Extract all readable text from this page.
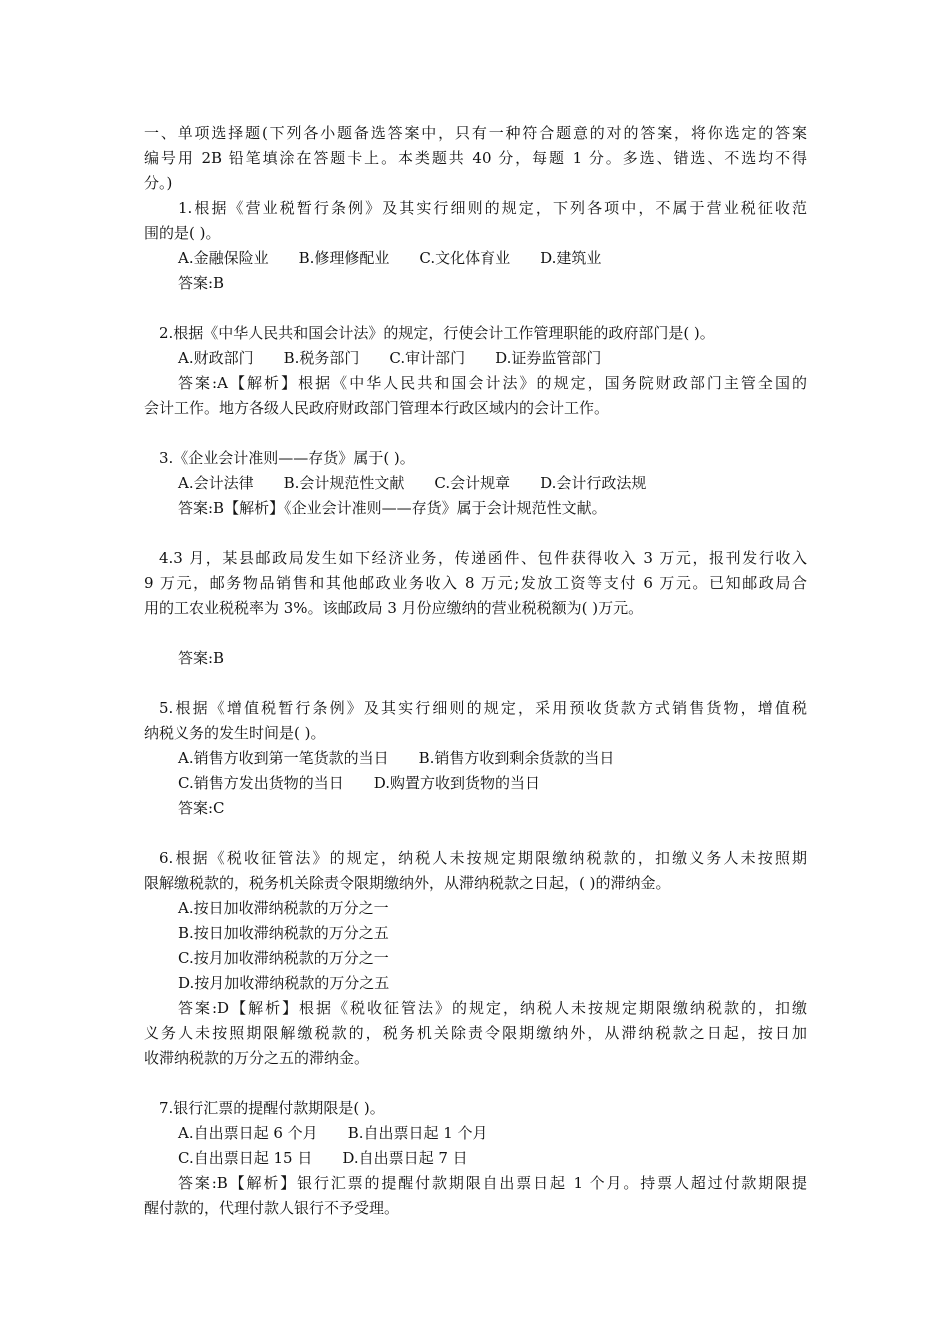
一、单项选择题(下列各小题备选答案中，只有一种符合题意的对的答案，将你选定的答案
编号用 2B 铅笔填涂在答题卡上。本类题共 40 分，每题 1 分。多选、错选、不选均不得
分。)
1.根据《营业税暂行条例》及其实行细则的规定，下列各项中，不属于营业税征收范
围的是( )。
A.金融保险业 B.修理修配业 C.文化体育业 D.建筑业
答案:B
2.根据《中华人民共和国会计法》的规定，行使会计工作管理职能的政府部门是( )。
A.财政部门 B.税务部门 C.审计部门 D.证券监管部门
答案:A【解析】根据《中华人民共和国会计法》的规定，国务院财政部门主管全国的
会计工作。地方各级人民政府财政部门管理本行政区域内的会计工作。
3.《企业会计准则——存货》属于( )。
A.会计法律 B.会计规范性文献 C.会计规章 D.会计行政法规
答案:B【解析】《企业会计准则——存货》属于会计规范性文献。
4.3 月，某县邮政局发生如下经济业务，传递函件、包件获得收入 3 万元，报刊发行收入
9 万元，邮务物品销售和其他邮政业务收入 8 万元;发放工资等支付 6 万元。已知邮政局合
用的工农业税税率为 3%。该邮政局 3 月份应缴纳的营业税税额为( )万元。
答案:B
5.根据《增值税暂行条例》及其实行细则的规定，采用预收货款方式销售货物，增值税
纳税义务的发生时间是( )。
A.销售方收到第一笔货款的当日 B.销售方收到剩余货款的当日
C.销售方发出货物的当日 D.购置方收到货物的当日
答案:C
6.根据《税收征管法》的规定，纳税人未按规定期限缴纳税款的，扣缴义务人未按照期
限解缴税款的，税务机关除责令限期缴纳外，从滞纳税款之日起，( )的滞纳金。
A.按日加收滞纳税款的万分之一
B.按日加收滞纳税款的万分之五
C.按月加收滞纳税款的万分之一
D.按月加收滞纳税款的万分之五
答案:D【解析】根据《税收征管法》的规定，纳税人未按规定期限缴纳税款的，扣缴
义务人未按照期限解缴税款的，税务机关除责令限期缴纳外，从滞纳税款之日起，按日加
收滞纳税款的万分之五的滞纳金。
7.银行汇票的提醒付款期限是( )。
A.自出票日起 6 个月 B.自出票日起 1 个月
C.自出票日起 15 日 D.自出票日起 7 日
答案:B【解析】银行汇票的提醒付款期限自出票日起 1 个月。持票人超过付款期限提
醒付款的，代理付款人银行不予受理。
